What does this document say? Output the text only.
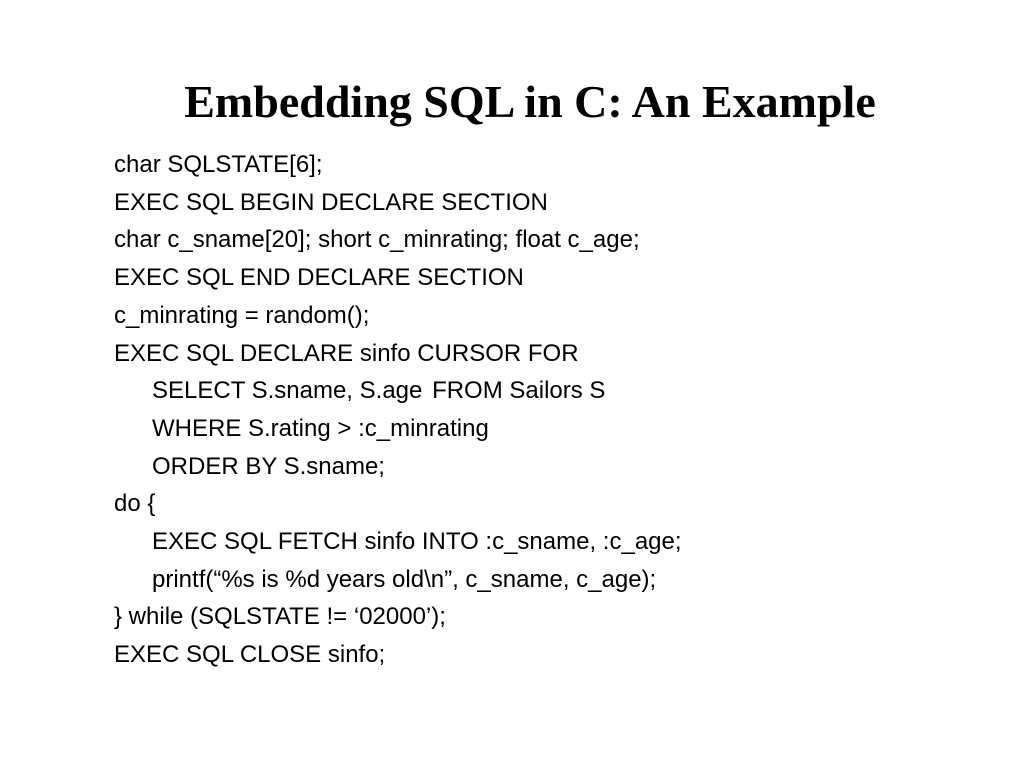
Embedding SQL in C: An Example
char SQLSTATE[6];
EXEC SQL BEGIN DECLARE SECTION
char c_sname[20]; short c_minrating; float c_age;
EXEC SQL END DECLARE SECTION
c_minrating = random();
EXEC SQL DECLARE sinfo CURSOR FOR
SELECT S.sname, S.age	FROM Sailors S
WHERE S.rating > :c_minrating
ORDER BY S.sname;
do {
EXEC SQL FETCH sinfo INTO :c_sname, :c_age;
printf(“%s is %d years old\n”, c_sname, c_age);
} while (SQLSTATE != ‘02000’);
EXEC SQL CLOSE sinfo;
